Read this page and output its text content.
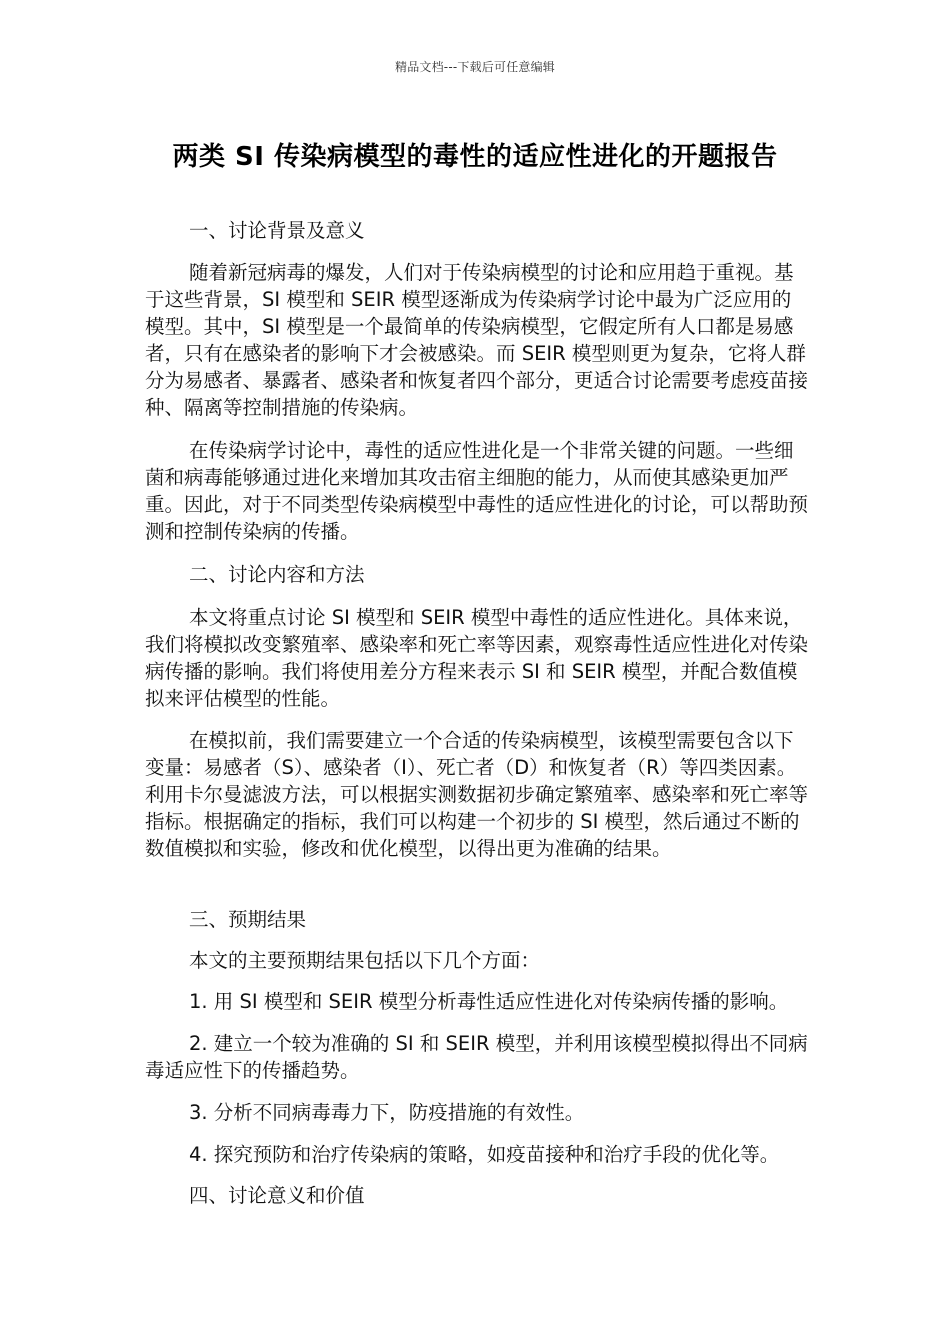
精品文档---下载后可任意编辑
两类 SI 传染病模型的毒性的适应性进化的开题报告

一、讨论背景及意义

随着新冠病毒的爆发，人们对于传染病模型的讨论和应用趋于重视。基于这些背景，SI 模型和 SEIR 模型逐渐成为传染病学讨论中最为广泛应用的模型。其中，SI 模型是一个最简单的传染病模型，它假定所有人口都是易感者，只有在感染者的影响下才会被感染。而 SEIR 模型则更为复杂，它将人群分为易感者、暴露者、感染者和恢复者四个部分，更适合讨论需要考虑疫苗接种、隔离等控制措施的传染病。

在传染病学讨论中，毒性的适应性进化是一个非常关键的问题。一些细菌和病毒能够通过进化来增加其攻击宿主细胞的能力，从而使其感染更加严重。因此，对于不同类型传染病模型中毒性的适应性进化的讨论，可以帮助预测和控制传染病的传播。

二、讨论内容和方法

本文将重点讨论 SI 模型和 SEIR 模型中毒性的适应性进化。具体来说，我们将模拟改变繁殖率、感染率和死亡率等因素，观察毒性适应性进化对传染病传播的影响。我们将使用差分方程来表示 SI 和 SEIR 模型，并配合数值模拟来评估模型的性能。

在模拟前，我们需要建立一个合适的传染病模型，该模型需要包含以下变量：易感者（S）、感染者（I）、死亡者（D）和恢复者（R）等四类因素。利用卡尔曼滤波方法，可以根据实测数据初步确定繁殖率、感染率和死亡率等指标。根据确定的指标，我们可以构建一个初步的 SI 模型，然后通过不断的数值模拟和实验，修改和优化模型，以得出更为准确的结果。

三、预期结果

本文的主要预期结果包括以下几个方面：

1. 用 SI 模型和 SEIR 模型分析毒性适应性进化对传染病传播的影响。

2. 建立一个较为准确的 SI 和 SEIR 模型，并利用该模型模拟得出不同病毒适应性下的传播趋势。

3. 分析不同病毒毒力下，防疫措施的有效性。

4. 探究预防和治疗传染病的策略，如疫苗接种和治疗手段的优化等。

四、讨论意义和价值
